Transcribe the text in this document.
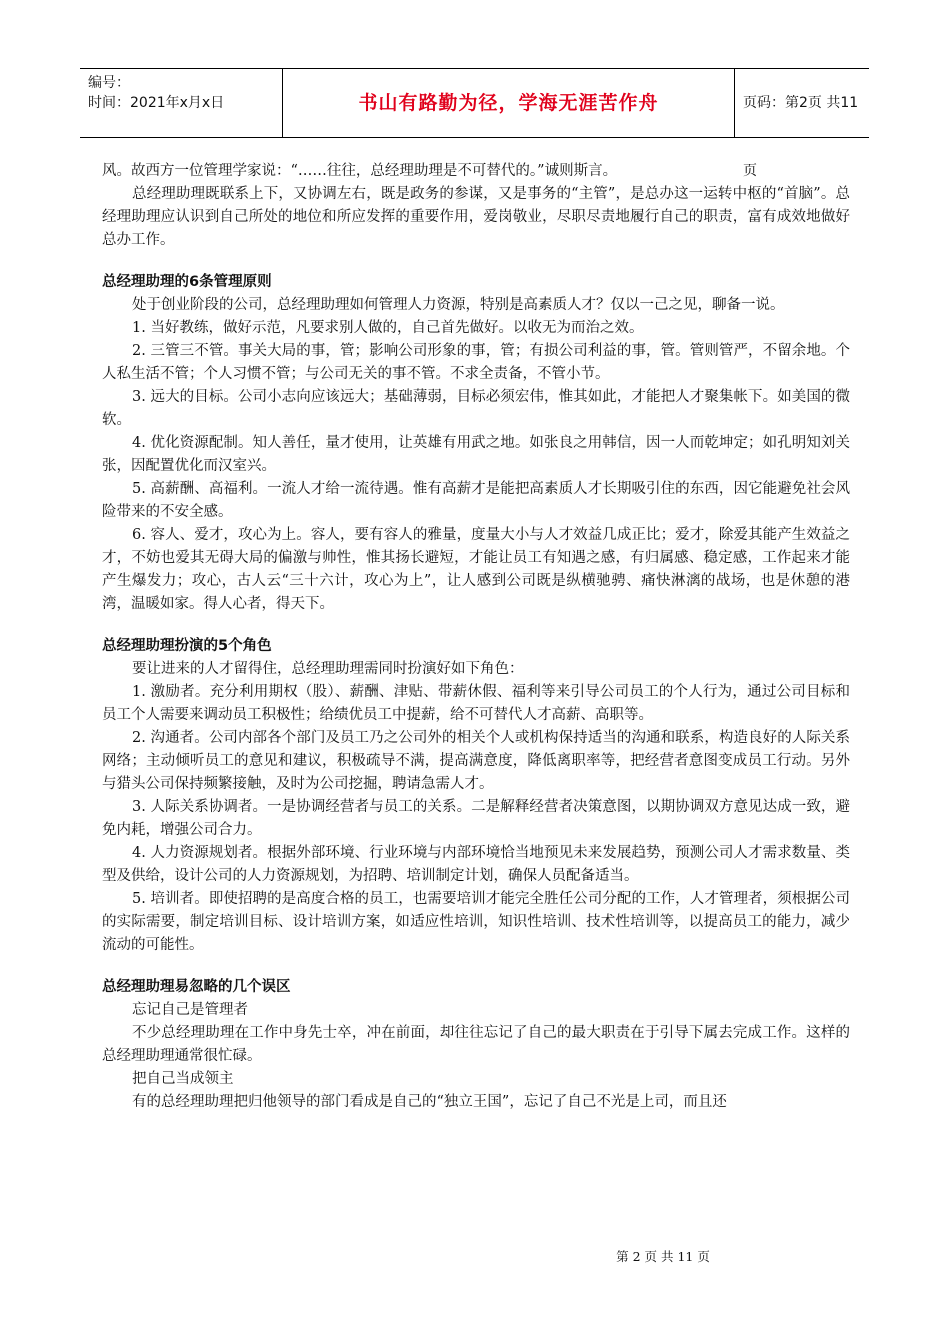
编号：
时间：2021年x月x日	书山有路勤为径，学海无涯苦作舟	页码：第2页 共11页

风。故西方一位管理学家说：“……往往，总经理助理是不可替代的。”诚则斯言。

总经理助理既联系上下，又协调左右，既是政务的参谋，又是事务的“主管”，是总办这一运转中枢的“首脑”。总经理助理应认识到自己所处的地位和所应发挥的重要作用，爱岗敬业，尽职尽责地履行自己的职责，富有成效地做好总办工作。

总经理助理的6条管理原则

处于创业阶段的公司，总经理助理如何管理人力资源，特别是高素质人才？仅以一己之见，聊备一说。

1. 当好教练，做好示范，凡要求别人做的，自己首先做好。以收无为而治之效。

2. 三管三不管。事关大局的事，管；影响公司形象的事，管；有损公司利益的事，管。管则管严，不留余地。个人私生活不管；个人习惯不管；与公司无关的事不管。不求全责备，不管小节。

3. 远大的目标。公司小志向应该远大；基础薄弱，目标必须宏伟，惟其如此，才能把人才聚集帐下。如美国的微软。

4. 优化资源配制。知人善任，量才使用，让英雄有用武之地。如张良之用韩信，因一人而乾坤定；如孔明知刘关张，因配置优化而汉室兴。

5. 高薪酬、高福利。一流人才给一流待遇。惟有高薪才是能把高素质人才长期吸引住的东西，因它能避免社会风险带来的不安全感。

6. 容人、爱才，攻心为上。容人，要有容人的雅量，度量大小与人才效益几成正比；爱才，除爱其能产生效益之才，不妨也爱其无碍大局的偏激与帅性，惟其扬长避短，才能让员工有知遇之感，有归属感、稳定感，工作起来才能产生爆发力；攻心，古人云“三十六计，攻心为上”，让人感到公司既是纵横驰骋、痛快淋漓的战场，也是休憩的港湾，温暖如家。得人心者，得天下。

总经理助理扮演的5个角色

要让进来的人才留得住，总经理助理需同时扮演好如下角色：

1. 激励者。充分利用期权（股）、薪酬、津贴、带薪休假、福利等来引导公司员工的个人行为，通过公司目标和员工个人需要来调动员工积极性；给绩优员工中提薪，给不可替代人才高薪、高职等。

2. 沟通者。公司内部各个部门及员工乃之公司外的相关个人或机构保持适当的沟通和联系，构造良好的人际关系网络；主动倾听员工的意见和建议，积极疏导不满，提高满意度，降低离职率等，把经营者意图变成员工行动。另外与猎头公司保持频繁接触，及时为公司挖掘，聘请急需人才。

3. 人际关系协调者。一是协调经营者与员工的关系。二是解释经营者决策意图，以期协调双方意见达成一致，避免内耗，增强公司合力。

4. 人力资源规划者。根据外部环境、行业环境与内部环境恰当地预见未来发展趋势，预测公司人才需求数量、类型及供给，设计公司的人力资源规划，为招聘、培训制定计划，确保人员配备适当。

5. 培训者。即使招聘的是高度合格的员工，也需要培训才能完全胜任公司分配的工作，人才管理者，须根据公司的实际需要，制定培训目标、设计培训方案，如适应性培训，知识性培训、技术性培训等，以提高员工的能力，减少流动的可能性。

总经理助理易忽略的几个误区

忘记自己是管理者

不少总经理助理在工作中身先士卒，冲在前面，却往往忘记了自己的最大职责在于引导下属去完成工作。这样的总经理助理通常很忙碌。

把自己当成领主

有的总经理助理把归他领导的部门看成是自己的“独立王国”，忘记了自己不光是上司，而且还

第 2 页 共 11 页
